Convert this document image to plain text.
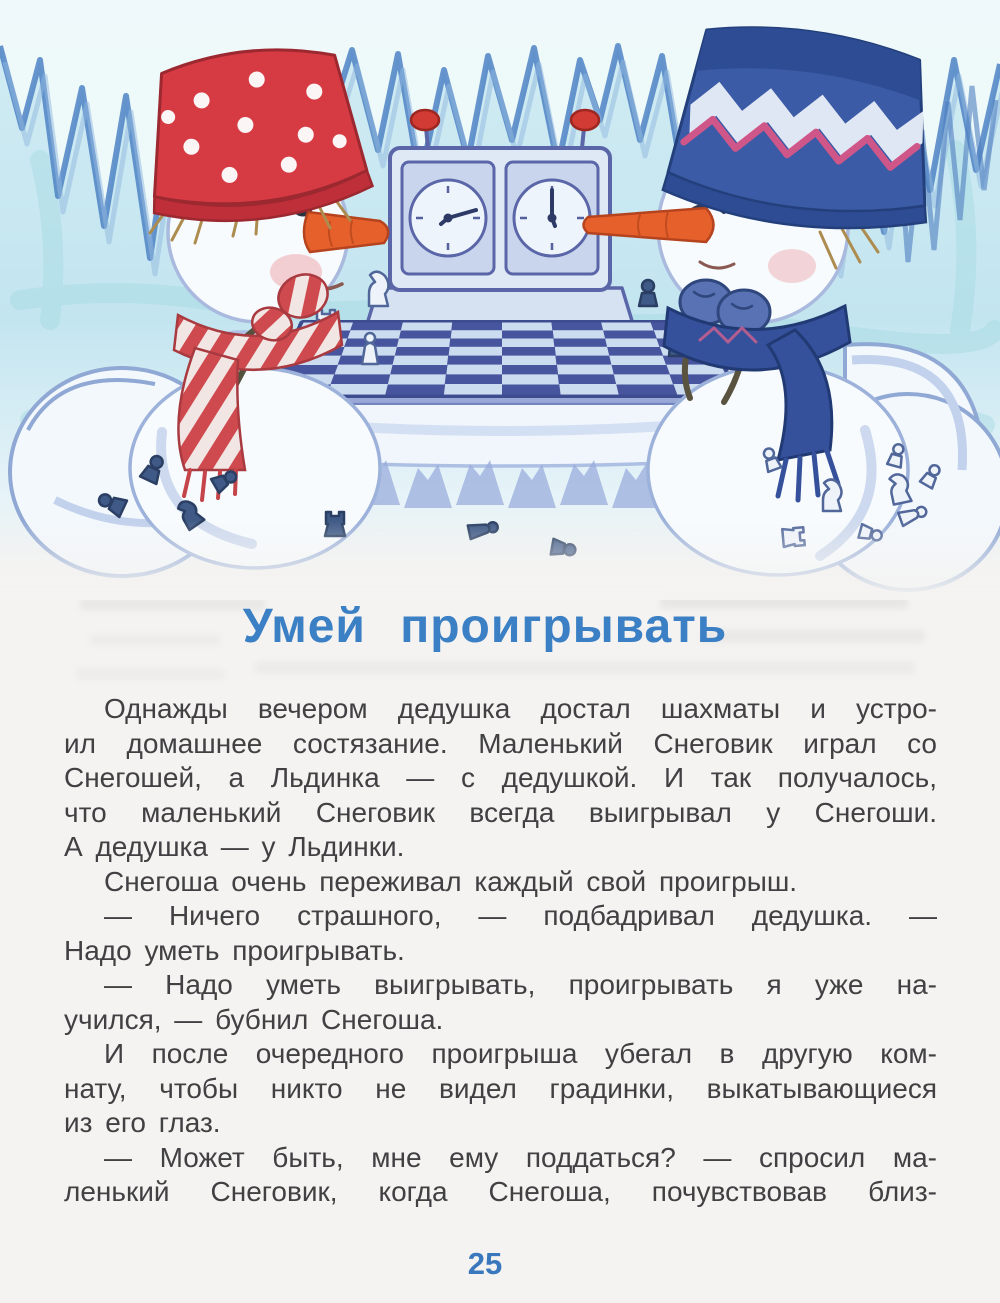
Умей проигрывать
Однажды вечером дедушка достал шахматы и устро-
ил домашнее состязание. Маленький Снеговик играл со
Снегошей, а Льдинка — с дедушкой. И так получалось,
что маленький Снеговик всегда выигрывал у Снегоши.
А дедушка — у Льдинки.
Снегоша очень переживал каждый свой проигрыш.
— Ничего страшного, — подбадривал дедушка. —
Надо уметь проигрывать.
— Надо уметь выигрывать, проигрывать я уже на-
учился, — бубнил Снегоша.
И после очередного проигрыша убегал в другую ком-
нату, чтобы никто не видел градинки, выкатывающиеся
из его глаз.
— Может быть, мне ему поддаться? — спросил ма-
ленький Снеговик, когда Снегоша, почувствовав близ-
25
